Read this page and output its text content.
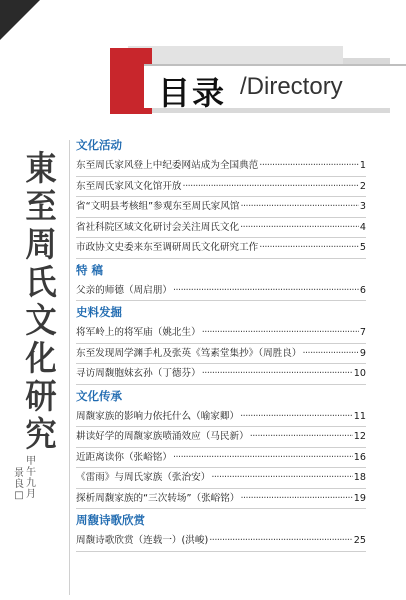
目录 /Directory
東
至
周
氏
文
化
研
究
甲
午
九
月
景
良
□
文化活动
东至周氏家风登上中纪委网站成为全国典范 ·····	1
东至周氏家风文化馆开放 ·····	2
省“文明县考核组”参观东至周氏家风馆 ·····	3
省社科院区域文化研讨会关注周氏文化 ·····	4
市政协文史委来东至调研周氏文化研究工作 ·····	5
特 稿
父亲的师德（周启朋） ·····	6
史料发掘
将军岭上的将军庙（姚北生） ·····	7
东至发现周学渊手札及张英《笃素堂集抄》（周胜良） ·····	9
寻访周馥胞妹玄孙（丁德芬） ·····	10
文化传承
周馥家族的影响力依托什么（喻家卿） ·····	11
耕读好学的周馥家族喷涌效应（马民新） ·····	12
近距离读你（张峪铭） ·····	16
《雷雨》与周氏家族（张治安） ·····	18
探析周馥家族的“三次转场”（张峪铭） ·····	19
周馥诗歌欣赏
周馥诗歌欣赏（连载一）(洪峻) ·····	25
